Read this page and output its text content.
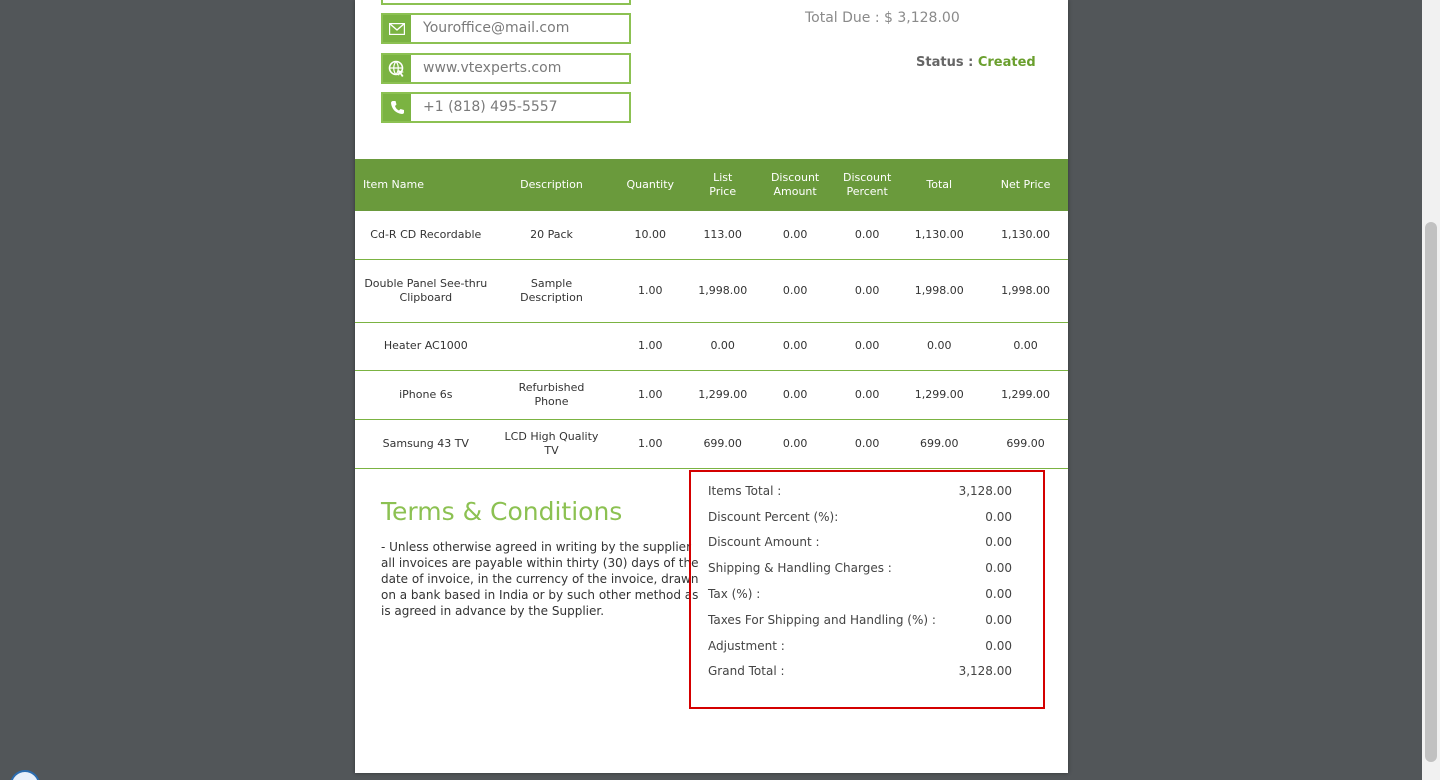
Youroffice@mail.com
www.vtexperts.com
+1 (818) 495-5557
Total Due : $ 3,128.00
Status : Created
Item Name	Description	Quantity	List Price	Discount Amount	Discount Percent	Total	Net Price
Cd-R CD Recordable	20 Pack	10.00	113.00	0.00	0.00	1,130.00	1,130.00
Double Panel See-thru Clipboard	Sample Description	1.00	1,998.00	0.00	0.00	1,998.00	1,998.00
Heater AC1000		1.00	0.00	0.00	0.00	0.00	0.00
iPhone 6s	Refurbished Phone	1.00	1,299.00	0.00	0.00	1,299.00	1,299.00
Samsung 43 TV	LCD High Quality TV	1.00	699.00	0.00	0.00	699.00	699.00
Terms & Conditions
- Unless otherwise agreed in writing by the supplier all invoices are payable within thirty (30) days of the date of invoice, in the currency of the invoice, drawn on a bank based in India or by such other method as is agreed in advance by the Supplier.
Items Total :	3,128.00
Discount Percent (%):	0.00
Discount Amount :	0.00
Shipping & Handling Charges :	0.00
Tax (%) :	0.00
Taxes For Shipping and Handling (%) :	0.00
Adjustment :	0.00
Grand Total :	3,128.00
